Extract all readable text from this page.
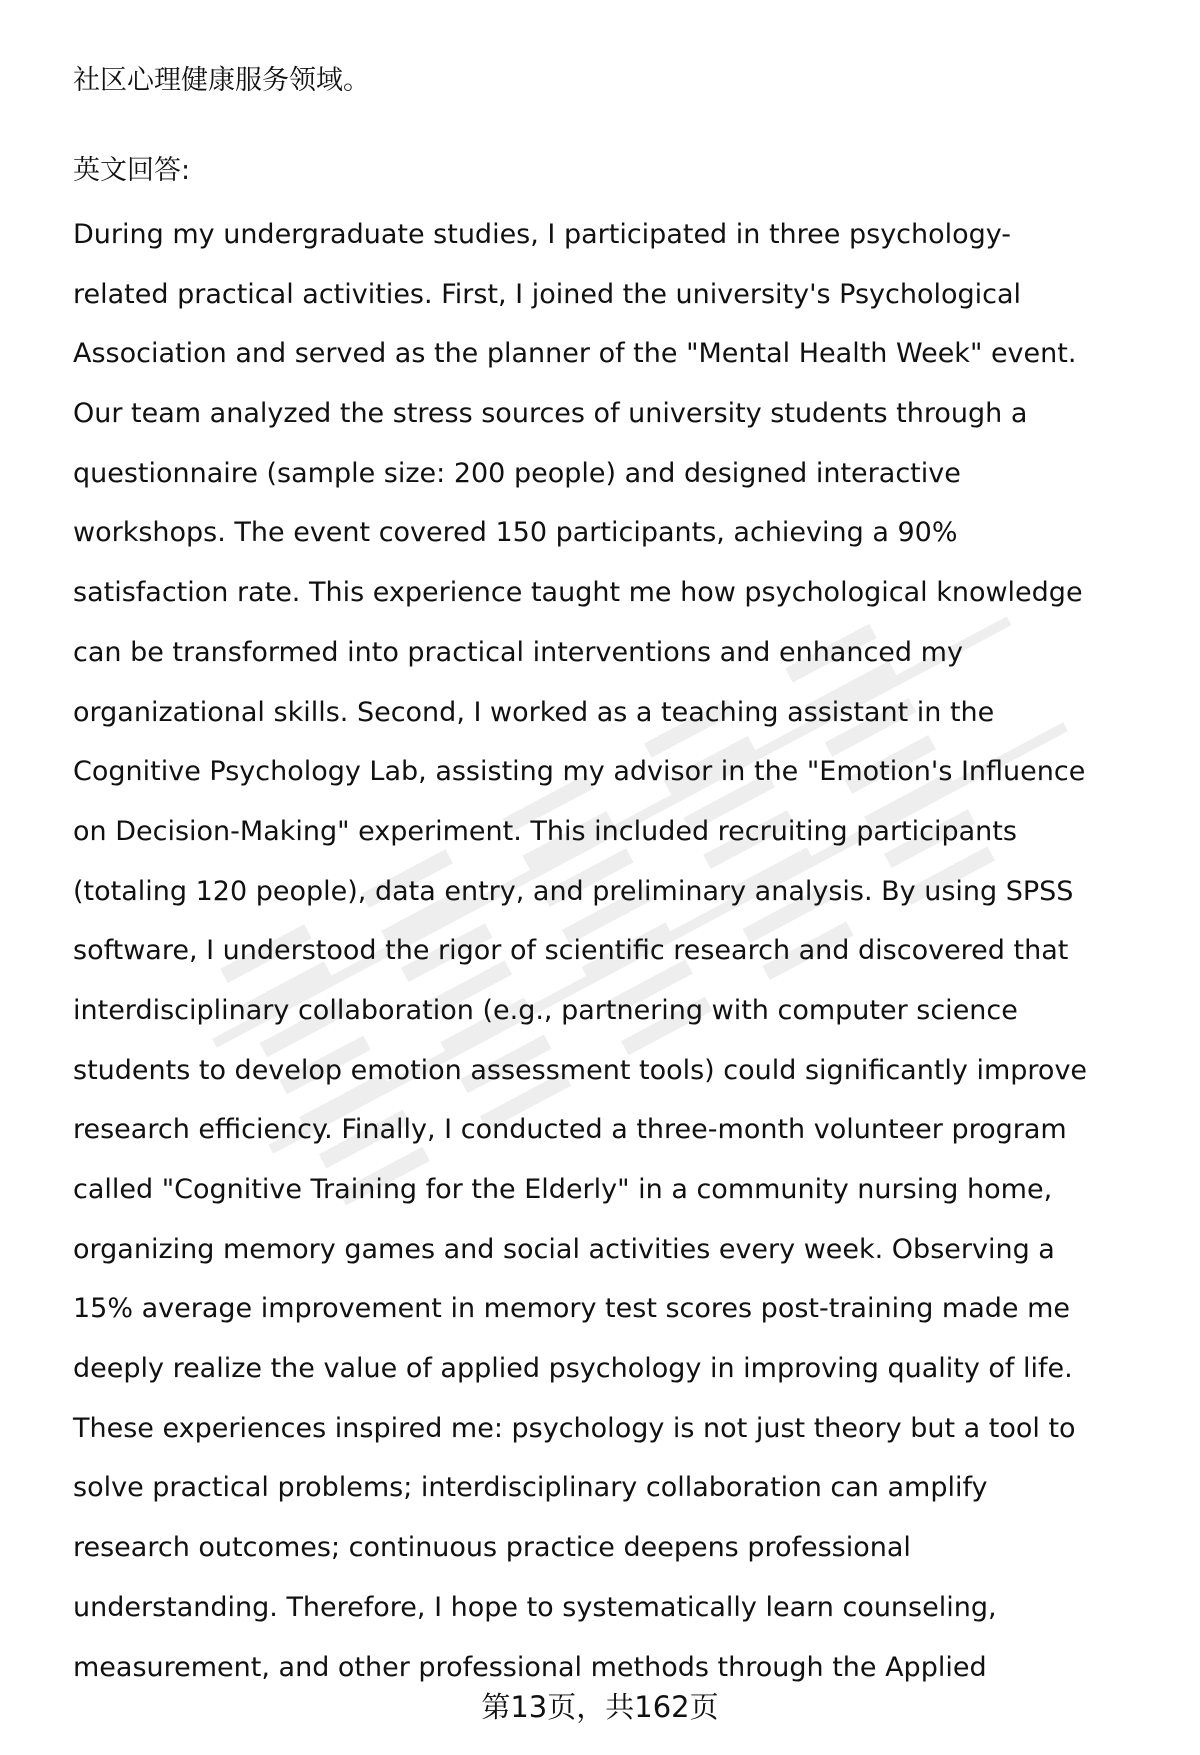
社区心理健康服务领域。
英文回答:
During my undergraduate studies, I participated in three psychology-
related practical activities. First, I joined the university's Psychological
Association and served as the planner of the "Mental Health Week" event.
Our team analyzed the stress sources of university students through a
questionnaire (sample size: 200 people) and designed interactive
workshops. The event covered 150 participants, achieving a 90%
satisfaction rate. This experience taught me how psychological knowledge
can be transformed into practical interventions and enhanced my
organizational skills. Second, I worked as a teaching assistant in the
Cognitive Psychology Lab, assisting my advisor in the "Emotion's Influence
on Decision-Making" experiment. This included recruiting participants
(totaling 120 people), data entry, and preliminary analysis. By using SPSS
software, I understood the rigor of scientific research and discovered that
interdisciplinary collaboration (e.g., partnering with computer science
students to develop emotion assessment tools) could significantly improve
research efficiency. Finally, I conducted a three-month volunteer program
called "Cognitive Training for the Elderly" in a community nursing home,
organizing memory games and social activities every week. Observing a
15% average improvement in memory test scores post-training made me
deeply realize the value of applied psychology in improving quality of life.
These experiences inspired me: psychology is not just theory but a tool to
solve practical problems; interdisciplinary collaboration can amplify
research outcomes; continuous practice deepens professional
understanding. Therefore, I hope to systematically learn counseling,
measurement, and other professional methods through the Applied
第13页，共162页
